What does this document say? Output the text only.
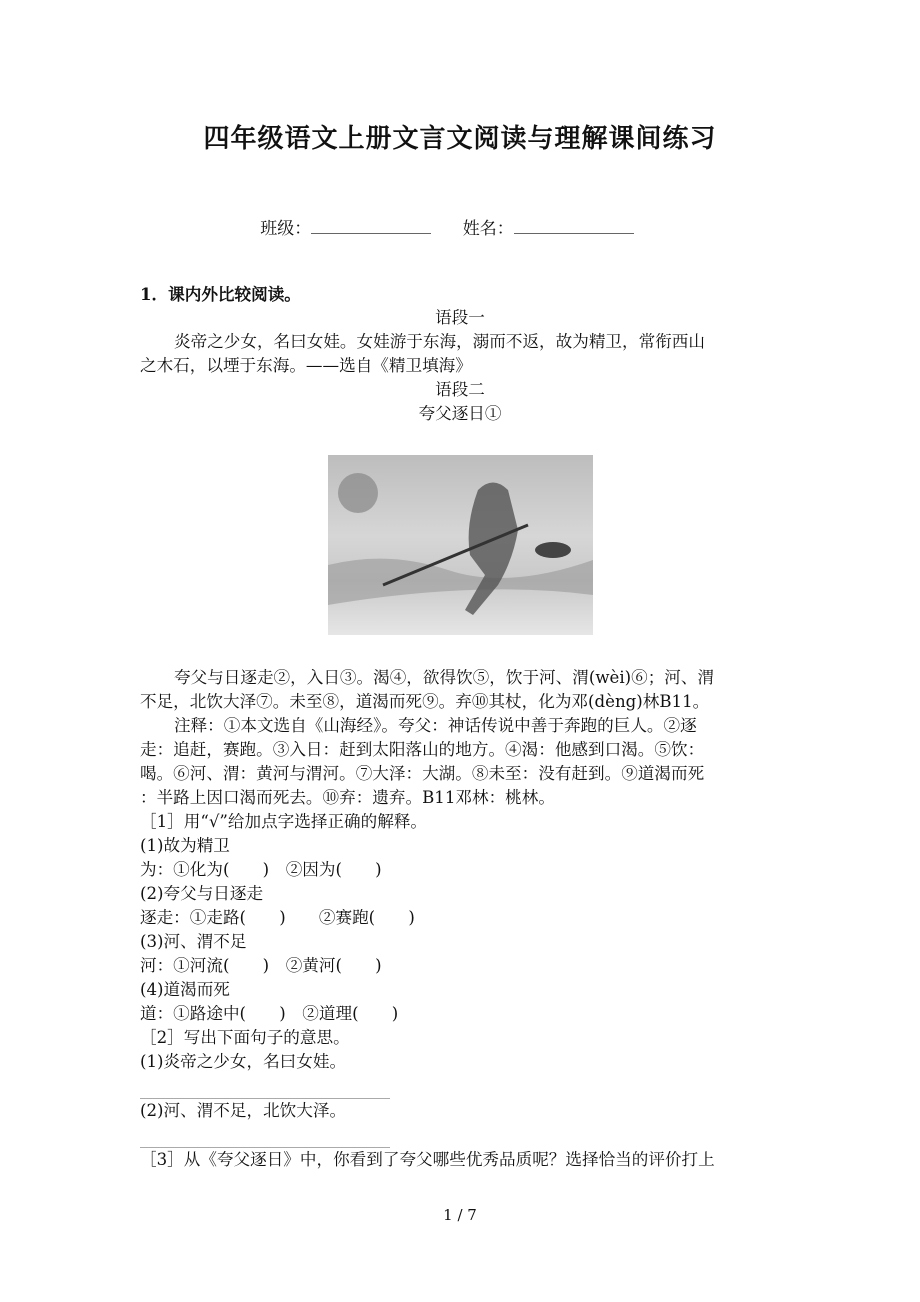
四年级语文上册文言文阅读与理解课间练习
班级：	姓名：
1．课内外比较阅读。
语段一
炎帝之少女，名曰女娃。女娃游于东海，溺而不返，故为精卫，常衔西山
之木石，以堙于东海。——选自《精卫填海》
语段二
夸父逐日①
夸父与日逐走②，入日③。渴④，欲得饮⑤，饮于河、渭(wèi)⑥；河、渭
不足，北饮大泽⑦。未至⑧，道渴而死⑨。弃⑩其杖，化为邓(dèng)林B11。
注释：①本文选自《山海经》。夸父：神话传说中善于奔跑的巨人。②逐
走：追赶，赛跑。③入日：赶到太阳落山的地方。④渴：他感到口渴。⑤饮：
喝。⑥河、渭：黄河与渭河。⑦大泽：大湖。⑧未至：没有赶到。⑨道渴而死
：半路上因口渴而死去。⑩弃：遗弃。B11邓林：桃林。
［1］用“√”给加点字选择正确的解释。
(1)故为精卫
为：①化为(　　)　②因为(　　)
(2)夸父与日逐走
逐走：①走路(　　)　　②赛跑(　　)
(3)河、渭不足
河：①河流(　　)　②黄河(　　)
(4)道渴而死
道：①路途中(　　)　②道理(　　)
［2］写出下面句子的意思。
(1)炎帝之少女，名曰女娃。
(2)河、渭不足，北饮大泽。
［3］从《夸父逐日》中，你看到了夸父哪些优秀品质呢？选择恰当的评价打上
1 / 7
